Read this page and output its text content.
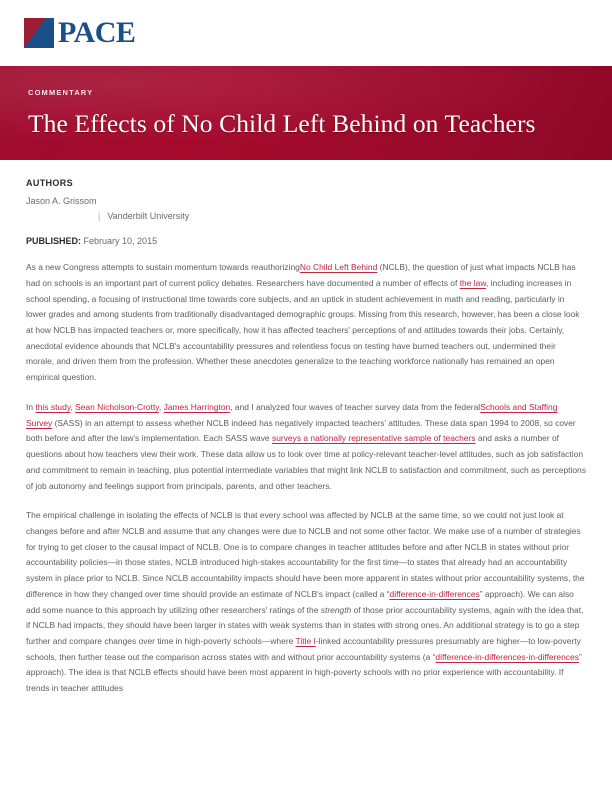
PACE
COMMENTARY
The Effects of No Child Left Behind on Teachers
AUTHORS
Jason A. Grissom
| Vanderbilt University
PUBLISHED: February 10, 2015

As a new Congress attempts to sustain momentum towards reauthorizingNo Child Left Behind (NCLB), the question of just what impacts NCLB has had on schools is an important part of current policy debates. Researchers have documented a number of effects of the law, including increases in school spending, a focusing of instructional time towards core subjects, and an uptick in student achievement in math and reading, particularly in lower grades and among students from traditionally disadvantaged demographic groups. Missing from this research, however, has been a close look at how NCLB has impacted teachers or, more specifically, how it has affected teachers' perceptions of and attitudes towards their jobs. Certainly, anecdotal evidence abounds that NCLB's accountability pressures and relentless focus on testing have burned teachers out, undermined their morale, and driven them from the profession. Whether these anecdotes generalize to the teaching workforce nationally has remained an open empirical question.

In this study, Sean Nicholson-Crotty, James Harrington, and I analyzed four waves of teacher survey data from the federalSchools and Staffing Survey (SASS) in an attempt to assess whether NCLB indeed has negatively impacted teachers' attitudes. These data span 1994 to 2008, so cover both before and after the law's implementation. Each SASS wave surveys a nationally representative sample of teachers and asks a number of questions about how teachers view their work. These data allow us to look over time at policy-relevant teacher-level attitudes, such as job satisfaction and commitment to remain in teaching, plus potential intermediate variables that might link NCLB to satisfaction and commitment, such as perceptions of job autonomy and feelings support from principals, parents, and other teachers.

The empirical challenge in isolating the effects of NCLB is that every school was affected by NCLB at the same time, so we could not just look at changes before and after NCLB and assume that any changes were due to NCLB and not some other factor. We make use of a number of strategies for trying to get closer to the causal impact of NCLB. One is to compare changes in teacher attitudes before and after NCLB in states without prior accountability policies—in those states, NCLB introduced high-stakes accountability for the first time—to states that already had an accountability system in place prior to NCLB. Since NCLB accountability impacts should have been more apparent in states without prior accountability systems, the difference in how they changed over time should provide an estimate of NCLB's impact (called a “difference-in-differences” approach). We can also add some nuance to this approach by utilizing other researchers' ratings of the strength of those prior accountability systems, again with the idea that, if NCLB had impacts, they should have been larger in states with weak systems than in states with strong ones. An additional strategy is to go a step further and compare changes over time in high-poverty schools—where Title I-linked accountability pressures presumably are higher—to low-poverty schools, then further tease out the comparison across states with and without prior accountability systems (a “difference-in-differences-in-differences” approach). The idea is that NCLB effects should have been most apparent in high-poverty schools with no prior experience with accountability. If trends in teacher attitudes
